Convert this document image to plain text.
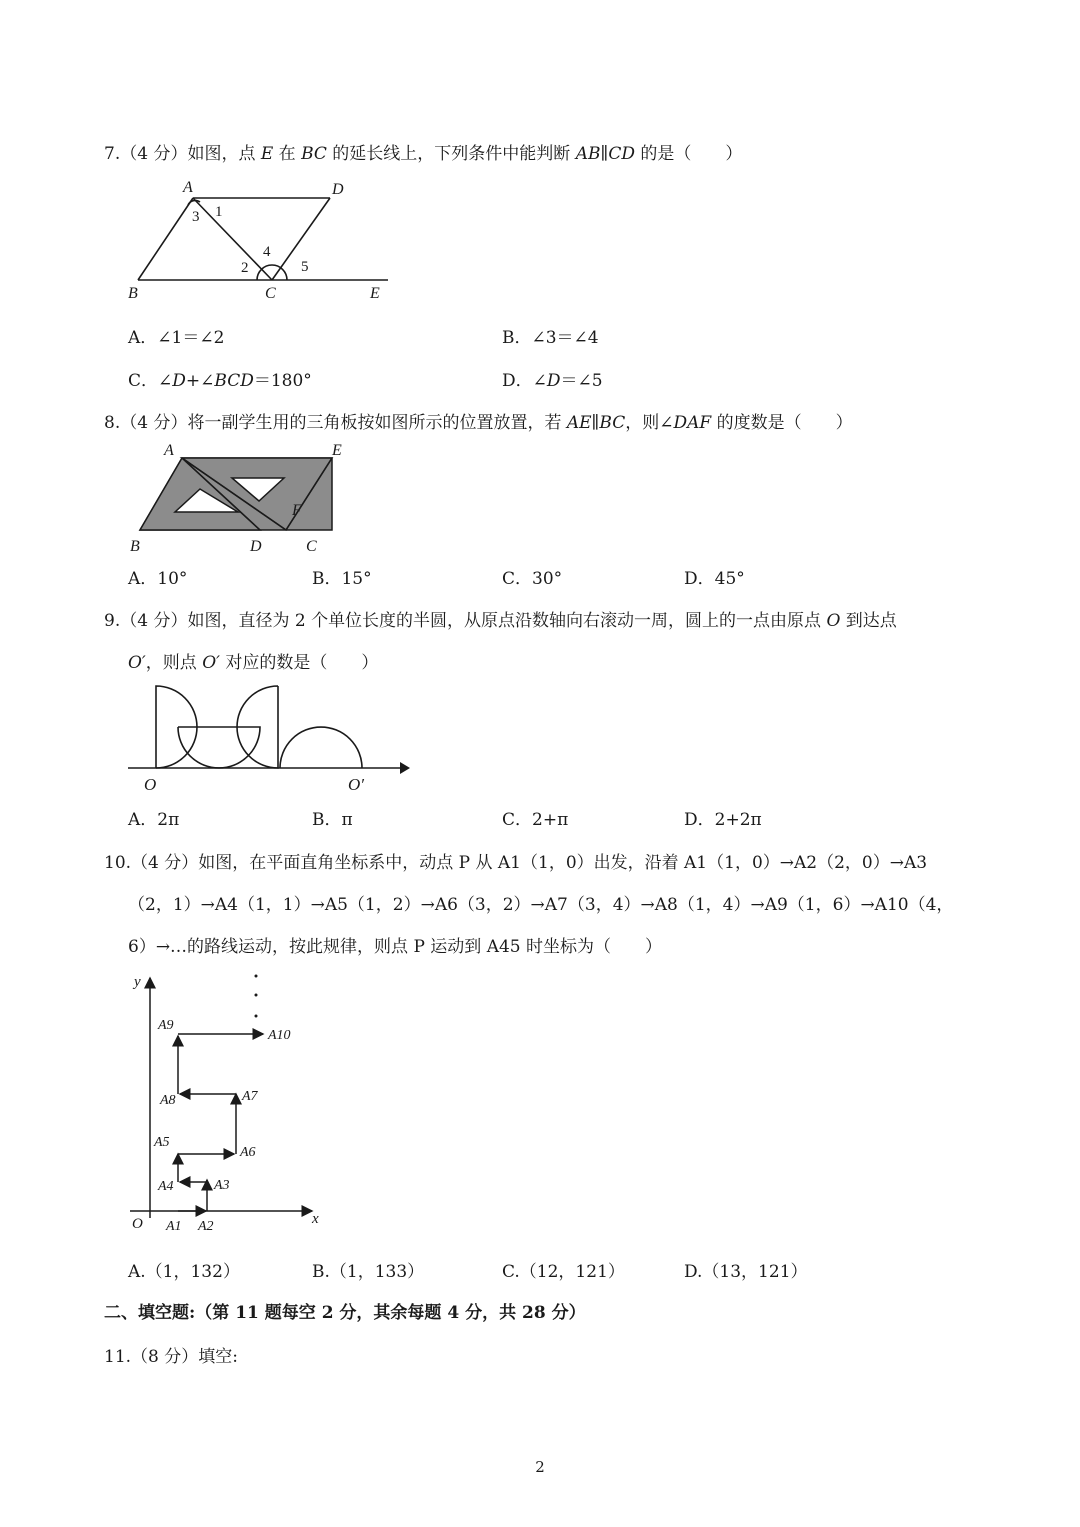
7.（4 分）如图，点 E 在 BC 的延长线上，下列条件中能判断 AB∥CD 的是（　　）
A	D
B	C	E
3 1
4
2	5
A．∠1＝∠2	B．∠3＝∠4
C．∠D+∠BCD＝180°	D．∠D＝∠5
8.（4 分）将一副学生用的三角板按如图所示的位置放置，若 AE∥BC，则∠DAF 的度数是（　　）
A	E
F
B	D	C
A．10°	B．15°	C．30°	D．45°
9.（4 分）如图，直径为 2 个单位长度的半圆，从原点沿数轴向右滚动一周，圆上的一点由原点 O 到达点
O′，则点 O′ 对应的数是（　　）
O	O′
A．2π	B．π	C．2+π	D．2+2π
10.（4 分）如图，在平面直角坐标系中，动点 P 从 A1（1，0）出发，沿着 A1（1，0）→A2（2，0）→A3
（2，1）→A4（1，1）→A5（1，2）→A6（3，2）→A7（3，4）→A8（1，4）→A9（1，6）→A10（4，
6）→…的路线运动，按此规律，则点 P 运动到 A45 时坐标为（　　）
y
x
O A1 A2
A3
A4
A5
A6
A7
A8
A9
A10
A.（1，132）	B.（1，133）	C.（12，121）	D.（13，121）
二、填空题:（第 11 题每空 2 分，其余每题 4 分，共 28 分）
11.（8 分）填空:
2
